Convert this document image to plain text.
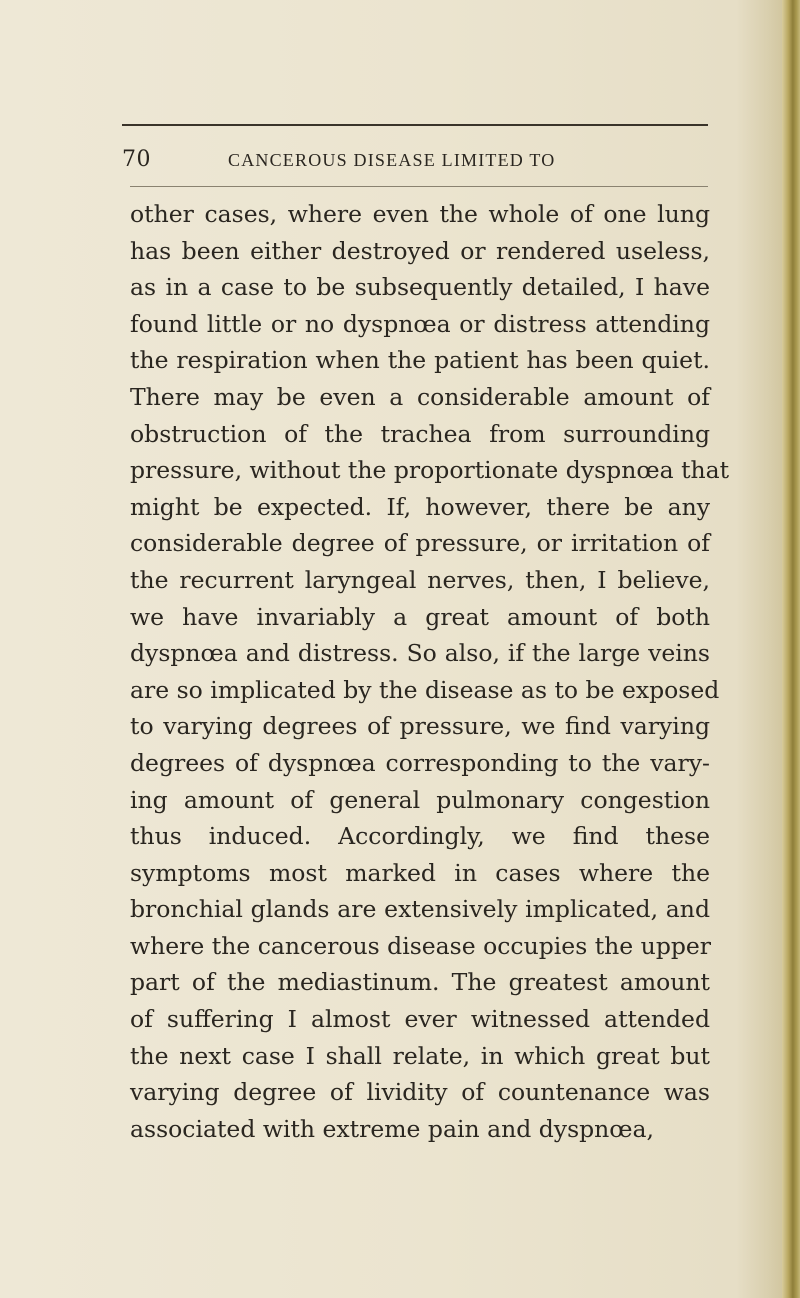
70	CANCEROUS DISEASE LIMITED TO
other cases, where even the whole of one lung
has been either destroyed or rendered useless,
as in a case to be subsequently detailed, I have
found little or no dyspnœa or distress attending
the respiration when the patient has been quiet.
There may be even a considerable amount of
obstruction of the trachea from surrounding
pressure, without the proportionate dyspnœa that
might be expected. If, however, there be any
considerable degree of pressure, or irritation of
the recurrent laryngeal nerves, then, I believe,
we have invariably a great amount of both
dyspnœa and distress. So also, if the large veins
are so implicated by the disease as to be exposed
to varying degrees of pressure, we find varying
degrees of dyspnœa corresponding to the vary-
ing amount of general pulmonary congestion
thus induced. Accordingly, we find these
symptoms most marked in cases where the
bronchial glands are extensively implicated, and
where the cancerous disease occupies the upper
part of the mediastinum. The greatest amount
of suffering I almost ever witnessed attended
the next case I shall relate, in which great but
varying degree of lividity of countenance was
associated with extreme pain and dyspnœa,
